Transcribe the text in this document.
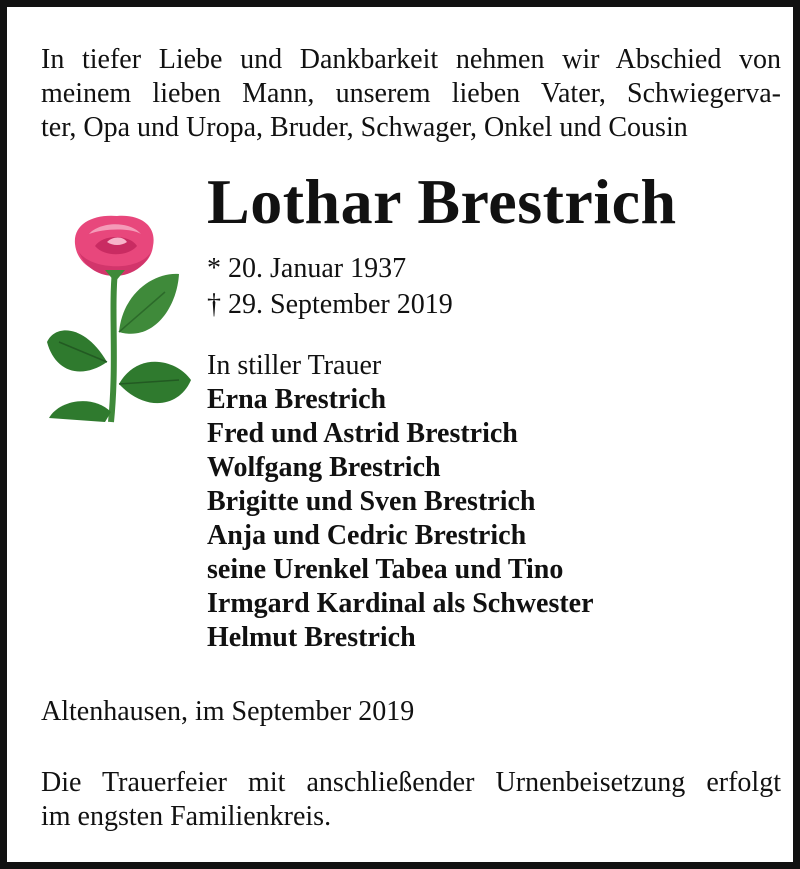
In tiefer Liebe und Dankbarkeit nehmen wir Abschied von
meinem lieben Mann, unserem lieben Vater, Schwiegerva-
ter, Opa und Uropa, Bruder, Schwager, Onkel und Cousin

Lothar Brestrich
* 20. Januar 1937
† 29. September 2019
In stiller Trauer
Erna Brestrich
Fred und Astrid Brestrich
Wolfgang Brestrich
Brigitte und Sven Brestrich
Anja und Cedric Brestrich
seine Urenkel Tabea und Tino
Irmgard Kardinal als Schwester
Helmut Brestrich
Altenhausen, im September 2019

Die Trauerfeier mit anschließender Urnenbeisetzung erfolgt
im engsten Familienkreis.
